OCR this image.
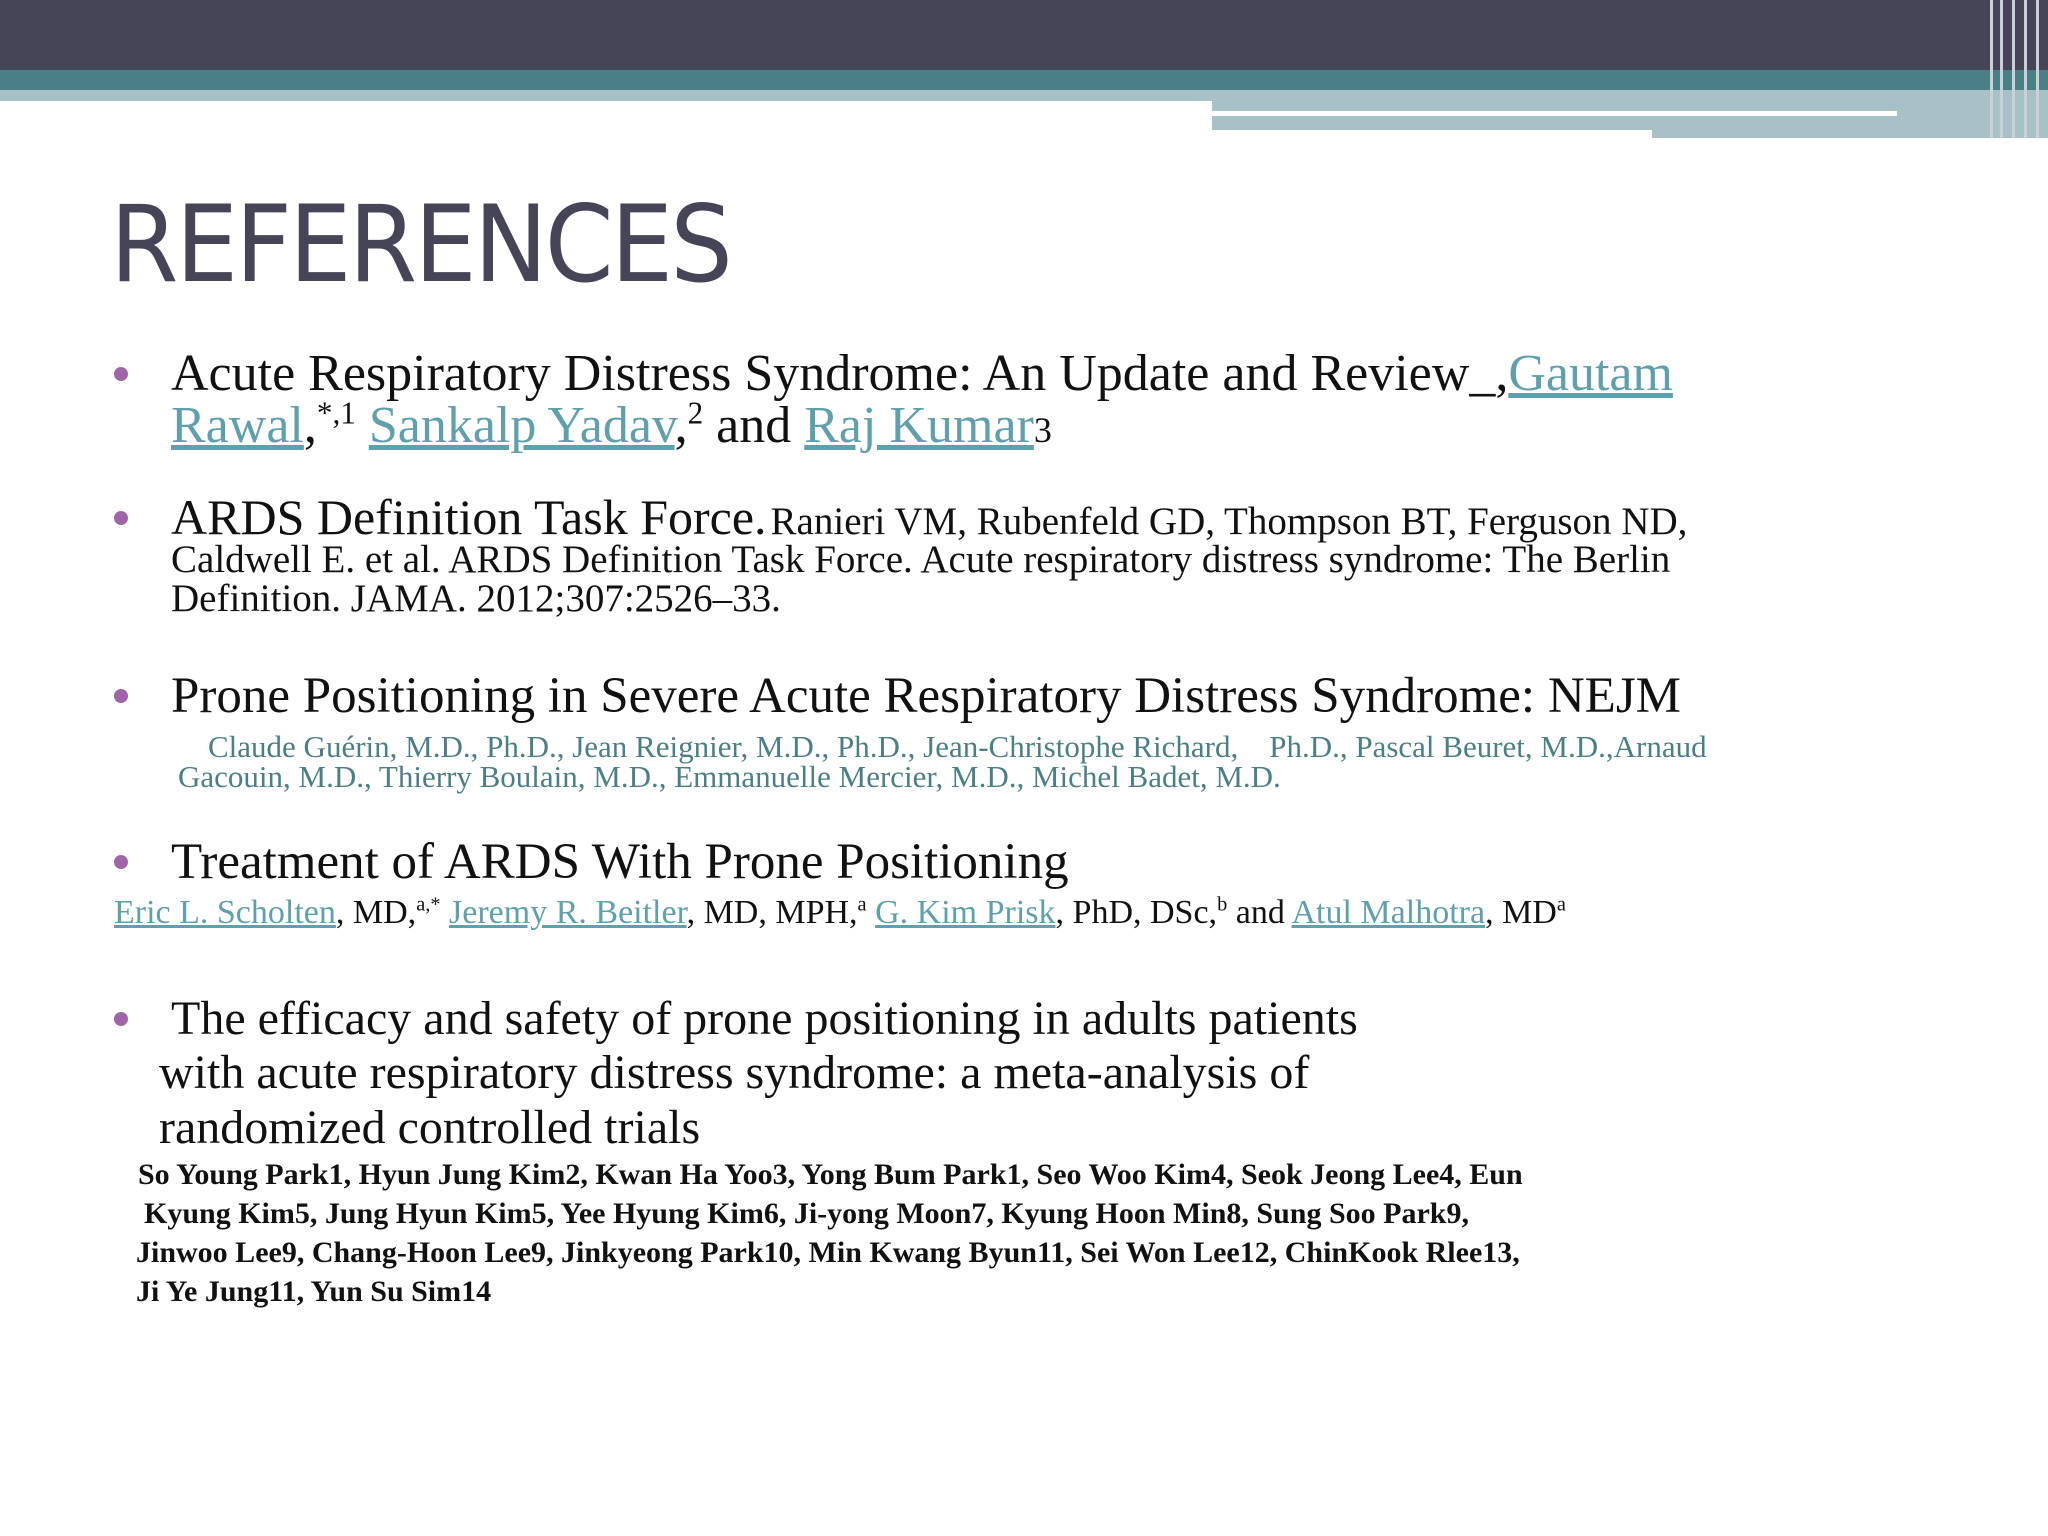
REFERENCES
Acute Respiratory Distress Syndrome: An Update and Review_,Gautam
Rawal,$^{*,1}$ Sankalp Yadav,$^2$ and Raj Kumar3
ARDS Definition Task Force. Ranieri VM, Rubenfeld GD, Thompson BT, Ferguson ND,
Caldwell E. et al. ARDS Definition Task Force. Acute respiratory distress syndrome: The Berlin
Definition. JAMA. 2012;307:2526–33.
Prone Positioning in Severe Acute Respiratory Distress Syndrome: NEJM
Claude Guérin, M.D., Ph.D., Jean Reignier, M.D., Ph.D., Jean-Christophe Richard,    Ph.D., Pascal Beuret, M.D.,Arnaud
Gacouin, M.D., Thierry Boulain, M.D., Emmanuelle Mercier, M.D., Michel Badet, M.D.
Treatment of ARDS With Prone Positioning
Eric L. Scholten, MD,$^{a,*}$ Jeremy R. Beitler, MD, MPH,$^a$ G. Kim Prisk, PhD, DSc,$^b$ and Atul Malhotra, $MD^a$
The efficacy and safety of prone positioning in adults patients
with acute respiratory distress syndrome: a meta-analysis of
randomized controlled trials
So Young Park1, Hyun Jung Kim2, Kwan Ha Yoo3, Yong Bum Park1, Seo Woo Kim4, Seok Jeong Lee4, Eun
Kyung Kim5, Jung Hyun Kim5, Yee Hyung Kim6, Ji-yong Moon7, Kyung Hoon Min8, Sung Soo Park9,
Jinwoo Lee9, Chang-Hoon Lee9, Jinkyeong Park10, Min Kwang Byun11, Sei Won Lee12, ChinKook Rlee13,
Ji Ye Jung11, Yun Su Sim14
